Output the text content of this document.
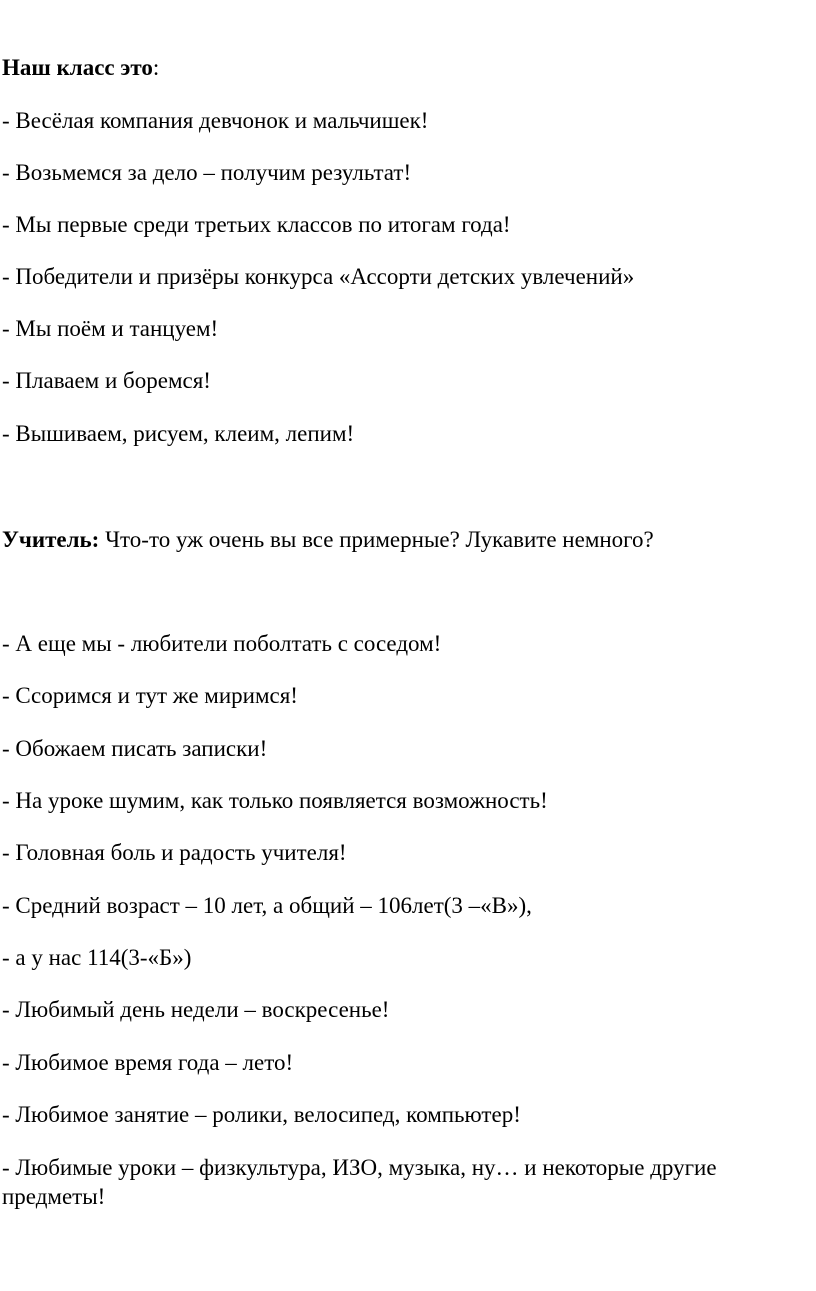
Наш класс это:

- Весёлая компания девчонок и мальчишек!

- Возьмемся за дело – получим результат!

- Мы первые среди третьих классов по итогам года!

- Победители и призёры конкурса «Ассорти детских увлечений»

- Мы поём и танцуем!

- Плаваем и боремся!

- Вышиваем, рисуем, клеим, лепим!

Учитель: Что-то уж очень вы все примерные? Лукавите немного?

- А еще мы - любители поболтать с соседом!

- Ссоримся и тут же миримся!

- Обожаем писать записки!

- На уроке шумим, как только появляется возможность!

- Головная боль и радость учителя!

- Средний возраст – 10 лет, а общий – 106лет(3 –«В»),

- а у нас 114(3-«Б»)

- Любимый день недели – воскресенье!

- Любимое время года – лето!

- Любимое занятие – ролики, велосипед, компьютер!

- Любимые уроки – физкультура, ИЗО, музыка, ну… и некоторые другие предметы!
